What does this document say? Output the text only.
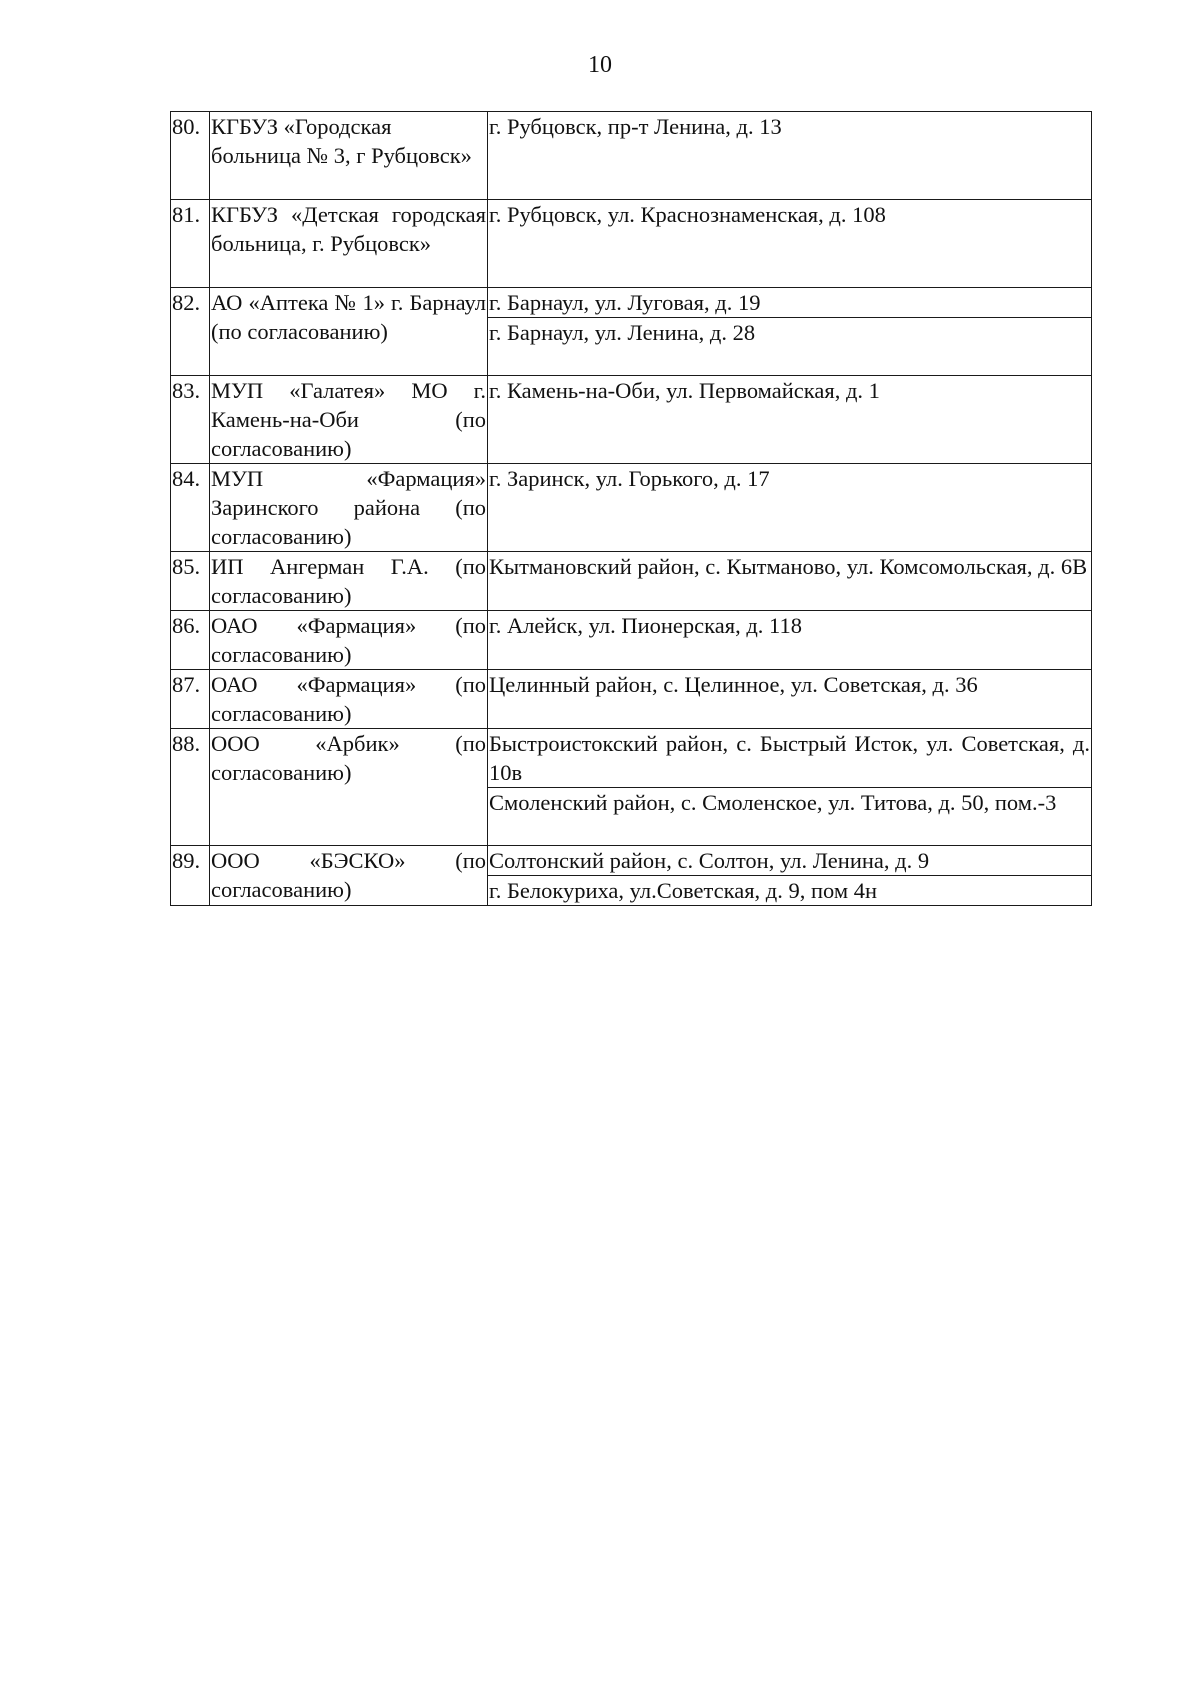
10
80.	КГБУЗ «Городская больница № 3, г Рубцовск»	г. Рубцовск, пр-т Ленина, д. 13
81.	КГБУЗ «Детская городская больница, г. Рубцовск»	г. Рубцовск, ул. Краснознаменская, д. 108
82.	АО «Аптека № 1» г. Барнаул (по согласованию)	г. Барнаул, ул. Луговая, д. 19
		г. Барнаул, ул. Ленина, д. 28
83.	МУП «Галатея» МО г. Камень-на-Оби (по согласованию)	г. Камень-на-Оби, ул. Первомайская, д. 1
84.	МУП «Фармация» Заринского района (по согласованию)	г. Заринск, ул. Горького, д. 17
85.	ИП Ангерман Г.А. (по согласованию)	Кытмановский район, с. Кытманово, ул. Комсомольская, д. 6В
86.	ОАО «Фармация» (по согласованию)	г. Алейск, ул. Пионерская, д. 118
87.	ОАО «Фармация» (по согласованию)	Целинный район, с. Целинное, ул. Советская, д. 36
88.	ООО «Арбик» (по согласованию)	Быстроистокский район, с. Быстрый Исток, ул. Советская, д. 10в
		Смоленский район, с. Смоленское, ул. Титова, д. 50, пом.-3
89.	ООО «БЭСКО» (по согласованию)	Солтонский район, с. Солтон, ул. Ленина, д. 9
		г. Белокуриха, ул.Советская, д. 9, пом 4н
